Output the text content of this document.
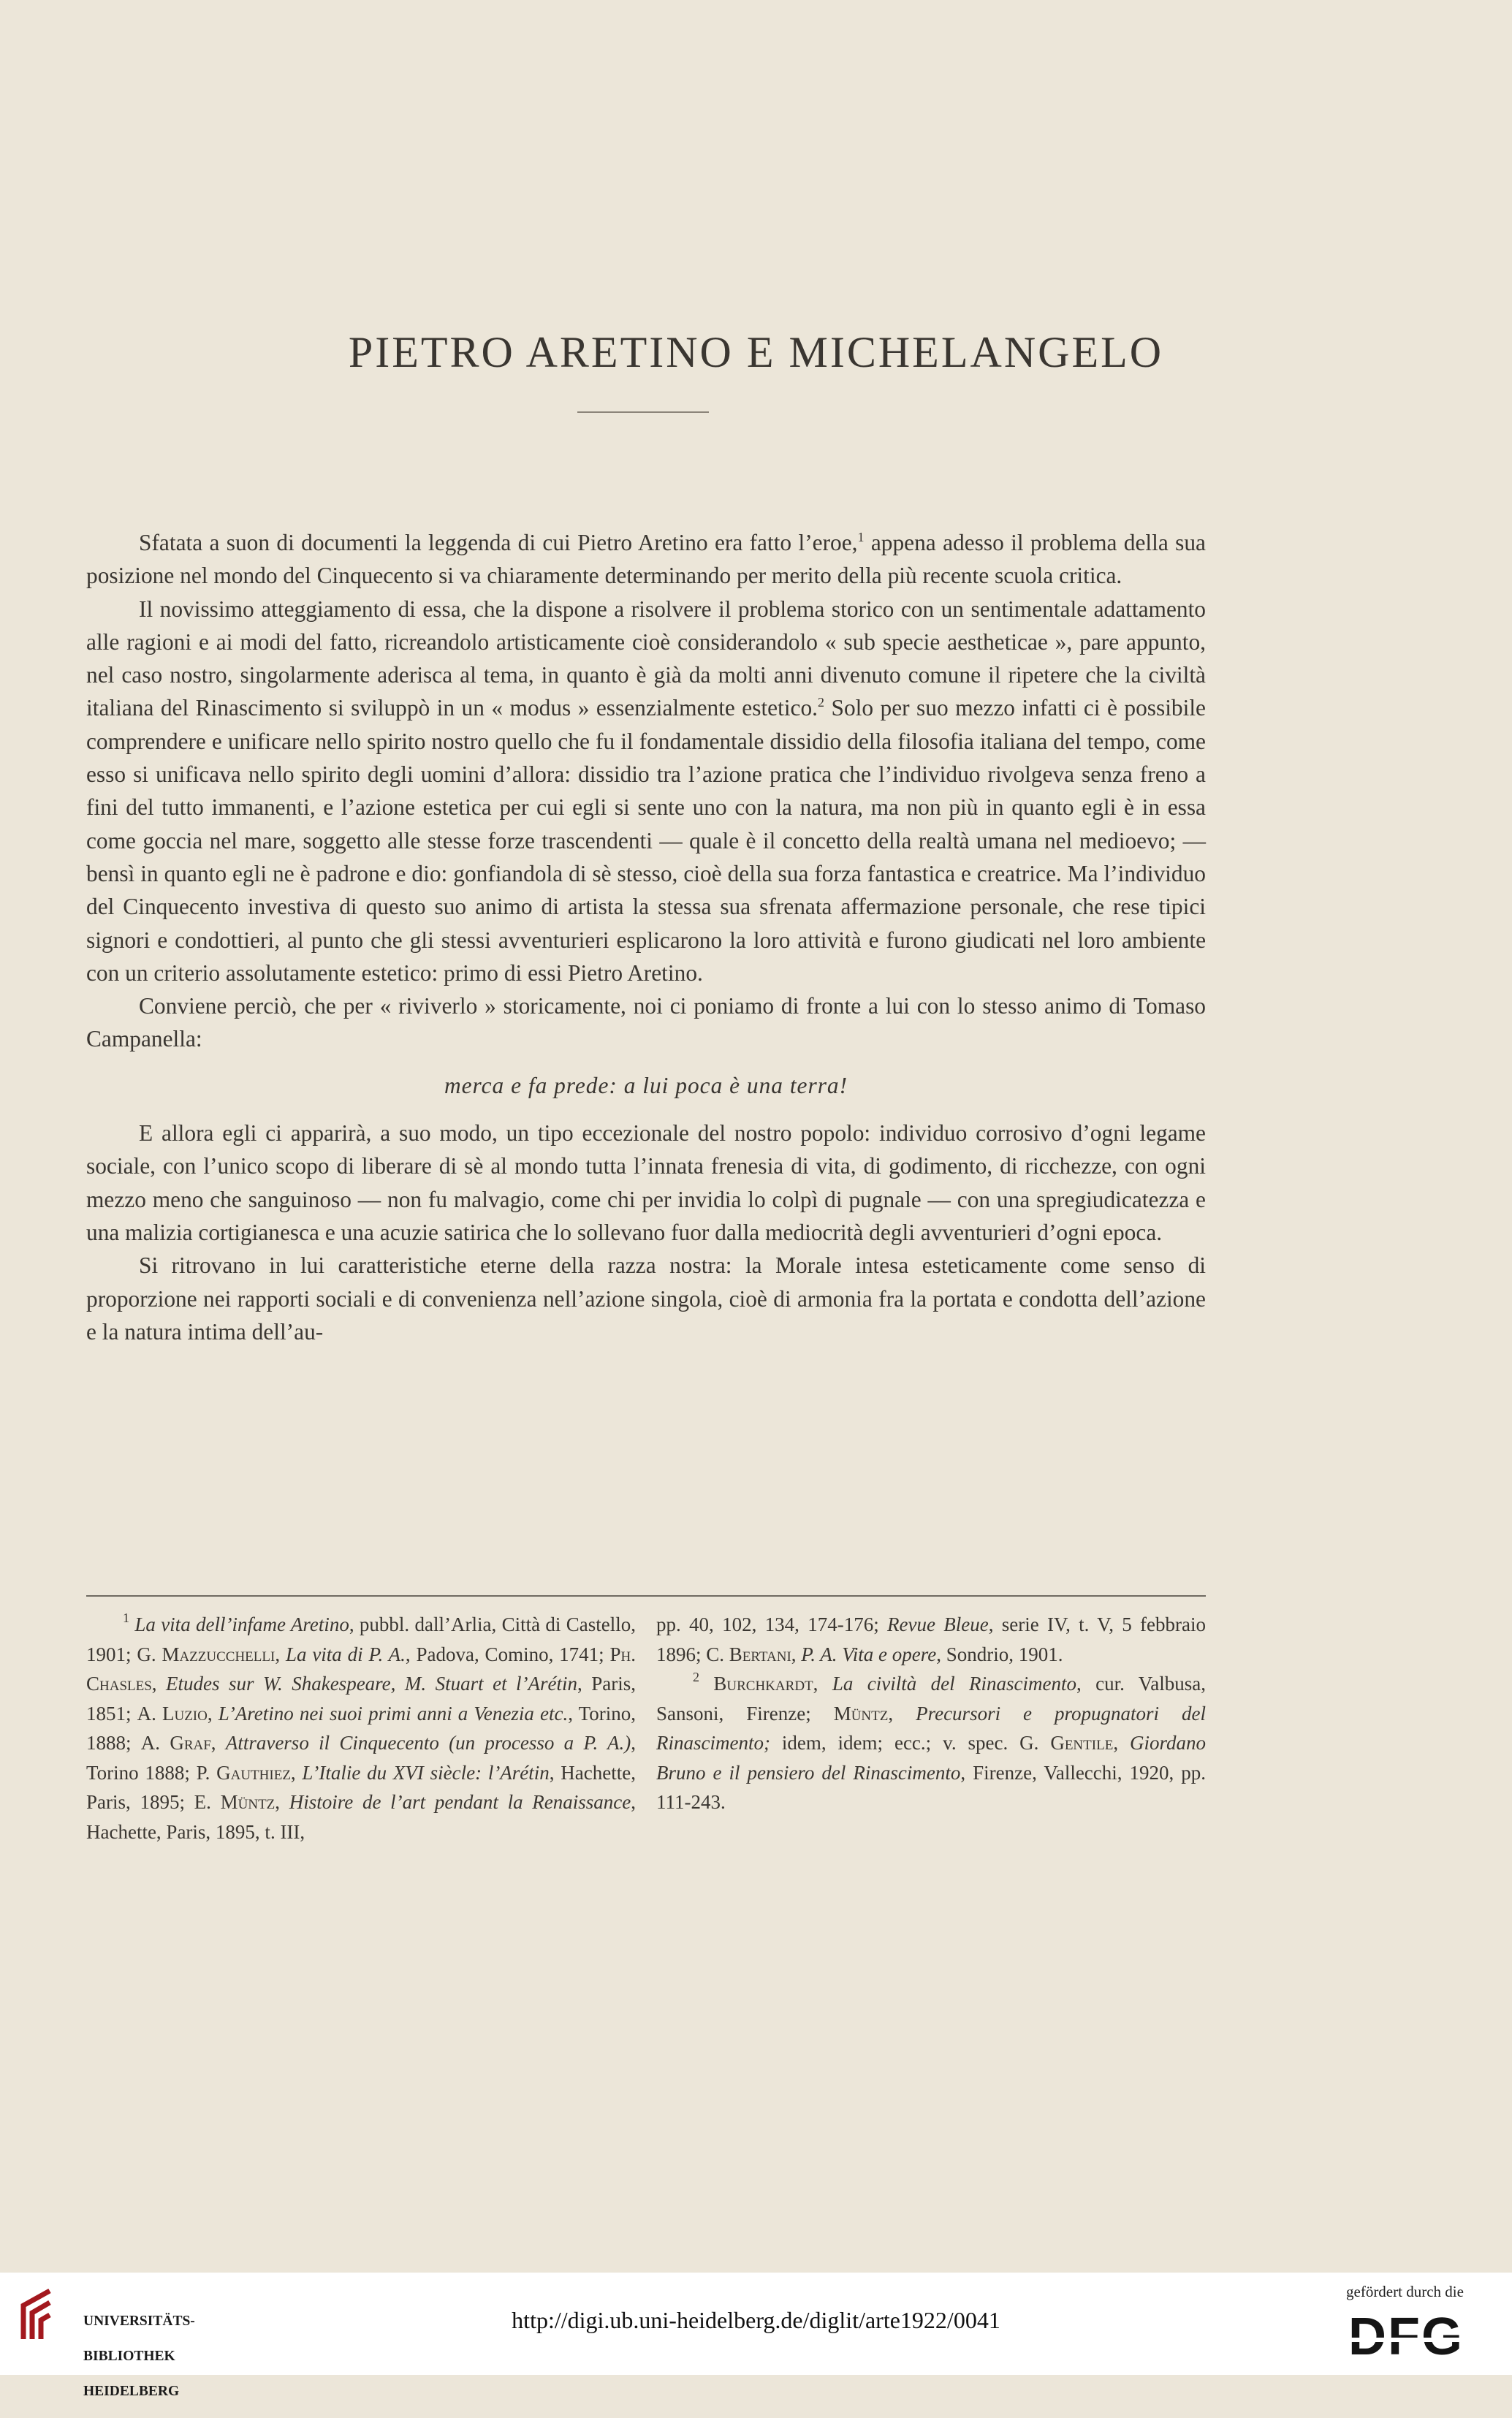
PIETRO ARETINO E MICHELANGELO

Sfatata a suon di documenti la leggenda di cui Pietro Aretino era fatto l’eroe,$^1$ appena adesso il problema della sua posizione nel mondo del Cinquecento si va chiaramente determinando per merito della più recente scuola critica.

Il novissimo atteggiamento di essa, che la dispone a risolvere il problema storico con un sentimentale adattamento alle ragioni e ai modi del fatto, ricreandolo artisticamente cioè considerandolo « sub specie aestheticae », pare appunto, nel caso nostro, singolarmente aderisca al tema, in quanto è già da molti anni divenuto comune il ripetere che la civiltà italiana del Rinascimento si sviluppò in un « modus » essenzialmente estetico.$^2$ Solo per suo mezzo infatti ci è possibile comprendere e unificare nello spirito nostro quello che fu il fondamentale dissidio della filosofia italiana del tempo, come esso si unificava nello spirito degli uomini d’allora: dissidio tra l’azione pratica che l’individuo rivolgeva senza freno a fini del tutto immanenti, e l’azione estetica per cui egli si sente uno con la natura, ma non più in quanto egli è in essa come goccia nel mare, soggetto alle stesse forze trascendenti — quale è il concetto della realtà umana nel medioevo; — bensì in quanto egli ne è padrone e dio: gonfiandola di sè stesso, cioè della sua forza fantastica e creatrice. Ma l’individuo del Cinquecento investiva di questo suo animo di artista la stessa sua sfrenata affermazione personale, che rese tipici signori e condottieri, al punto che gli stessi avventurieri esplicarono la loro attività e furono giudicati nel loro ambiente con un criterio assolutamente estetico: primo di essi Pietro Aretino.

Conviene perciò, che per « riviverlo » storicamente, noi ci poniamo di fronte a lui con lo stesso animo di Tomaso Campanella:

merca e fa prede: a lui poca è una terra!

E allora egli ci apparirà, a suo modo, un tipo eccezionale del nostro popolo: individuo corrosivo d’ogni legame sociale, con l’unico scopo di liberare di sè al mondo tutta l’innata frenesia di vita, di godimento, di ricchezze, con ogni mezzo meno che sanguinoso — non fu malvagio, come chi per invidia lo colpì di pugnale — con una spregiudicatezza e una malizia cortigianesca e una acuzie satirica che lo sollevano fuor dalla mediocrità degli avventurieri d’ogni epoca.

Si ritrovano in lui caratteristiche eterne della razza nostra: la Morale intesa esteticamente come senso di proporzione nei rapporti sociali e di convenienza nell’azione singola, cioè di armonia fra la portata e condotta dell’azione e la natura intima dell’au-

$^1$ La vita dell’infame Aretino, pubbl. dall’Arlia, Città di Castello, 1901; G. Mazzucchelli, La vita di P. A., Padova, Comino, 1741; Ph. Chasles, Etudes sur W. Shakespeare, M. Stuart et l’Arétin, Paris, 1851; A. Luzio, L’Aretino nei suoi primi anni a Venezia etc., Torino, 1888; A. Graf, Attraverso il Cinquecento (un processo a P. A.), Torino 1888; P. Gauthiez, L’Italie du XVI siècle: l’Arétin, Hachette, Paris, 1895; E. Müntz, Histoire de l’art pendant la Renaissance, Hachette, Paris, 1895, t. III,

pp. 40, 102, 134, 174-176; Revue Bleue, serie IV, t. V, 5 febbraio 1896; C. Bertani, P. A. Vita e opere, Sondrio, 1901.

$^2$ Burchkardt, La civiltà del Rinascimento, cur. Valbusa, Sansoni, Firenze; Müntz, Precursori e propugnatori del Rinascimento; idem, idem; ecc.; v. spec. G. Gentile, Giordano Bruno e il pensiero del Rinascimento, Firenze, Vallecchi, 1920, pp. 111-243.

UNIVERSITÄTS-

BIBLIOTHEK

HEIDELBERG

http://digi.ub.uni-heidelberg.de/diglit/arte1922/0041
gefördert durch die
DFG
